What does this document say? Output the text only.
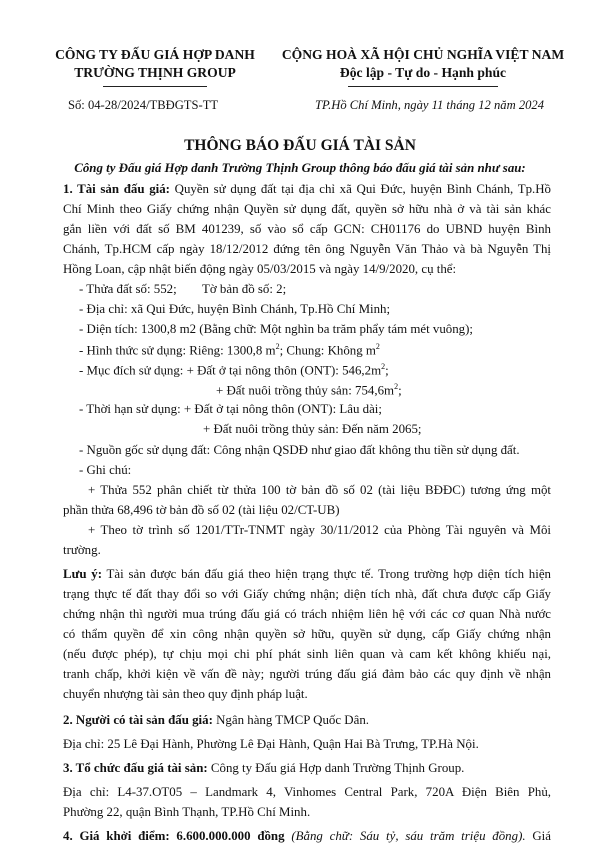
CÔNG TY ĐẤU GIÁ HỢP DANH
TRƯỜNG THỊNH GROUP
Số: 04-28/2024/TBĐGTS-TT
CỘNG HOÀ XÃ HỘI CHỦ NGHĨA VIỆT NAM
Độc lập - Tự do - Hạnh phúc
TP.Hồ Chí Minh, ngày 11 tháng 12 năm 2024
THÔNG BÁO ĐẤU GIÁ TÀI SẢN
Công ty Đấu giá Hợp danh Trường Thịnh Group thông báo đấu giá tài sản như sau:
1. Tài sản đấu giá: Quyền sử dụng đất tại địa chỉ xã Qui Đức, huyện Bình Chánh, Tp.Hồ
Chí Minh theo Giấy chứng nhận Quyền sử dụng đất, quyền sở hữu nhà ở và tài sản khác
gắn liền với đất số BM 401239, số vào sổ cấp GCN: CH01176 do UBND huyện Bình
Chánh, Tp.HCM cấp ngày 18/12/2012 đứng tên ông Nguyễn Văn Thảo và bà Nguyễn Thị
Hồng Loan, cập nhật biến động ngày 05/03/2015 và ngày 14/9/2020, cụ thể:
- Thửa đất số: 552; Tờ bản đồ số: 2;
- Địa chỉ: xã Qui Đức, huyện Bình Chánh, Tp.Hồ Chí Minh;
- Diện tích: 1300,8 m2 (Bằng chữ: Một nghìn ba trăm phẩy tám mét vuông);
- Hình thức sử dụng: Riêng: 1300,8 $m^2$; Chung: Không $m^2$
- Mục đích sử dụng: + Đất ở tại nông thôn (ONT): $546,2m^2$;
+ Đất nuôi trồng thủy sản: $754,6m^2$;
- Thời hạn sử dụng: + Đất ở tại nông thôn (ONT): Lâu dài;
+ Đất nuôi trồng thủy sản: Đến năm 2065;
- Nguồn gốc sử dụng đất: Công nhận QSDĐ như giao đất không thu tiền sử dụng đất.
- Ghi chú:
+ Thửa 552 phân chiết từ thửa 100 tờ bản đồ số 02 (tài liệu BĐĐC) tương ứng một
phần thửa 68,496 tờ bản đồ số 02 (tài liệu 02/CT-UB)
+ Theo tờ trình số 1201/TTr-TNMT ngày 30/11/2012 của Phòng Tài nguyên và Môi
trường.
Lưu ý: Tài sản được bán đấu giá theo hiện trạng thực tế. Trong trường hợp diện tích hiện
trạng thực tế đất thay đổi so với Giấy chứng nhận; diện tích nhà, đất chưa được cấp Giấy
chứng nhận thì người mua trúng đấu giá có trách nhiệm liên hệ với các cơ quan Nhà nước
có thẩm quyền để xin công nhận quyền sở hữu, quyền sử dụng, cấp Giấy chứng nhận
(nếu được phép), tự chịu mọi chi phí phát sinh liên quan và cam kết không khiếu nại,
tranh chấp, khởi kiện về vấn đề này; người trúng đấu giá đảm bảo các quy định về nhận
chuyển nhượng tài sản theo quy định pháp luật.
2. Người có tài sản đấu giá: Ngân hàng TMCP Quốc Dân.
Địa chỉ: 25 Lê Đại Hành, Phường Lê Đại Hành, Quận Hai Bà Trưng, TP.Hà Nội.
3. Tổ chức đấu giá tài sản: Công ty Đấu giá Hợp danh Trường Thịnh Group.
Địa chỉ: L4-37.OT05 – Landmark 4, Vinhomes Central Park, 720A Điện Biên Phủ,
Phường 22, quận Bình Thạnh, TP.Hồ Chí Minh.
4. Giá khởi điểm: 6.600.000.000 đồng (Bằng chữ: Sáu tỷ, sáu trăm triệu đồng). Giá
